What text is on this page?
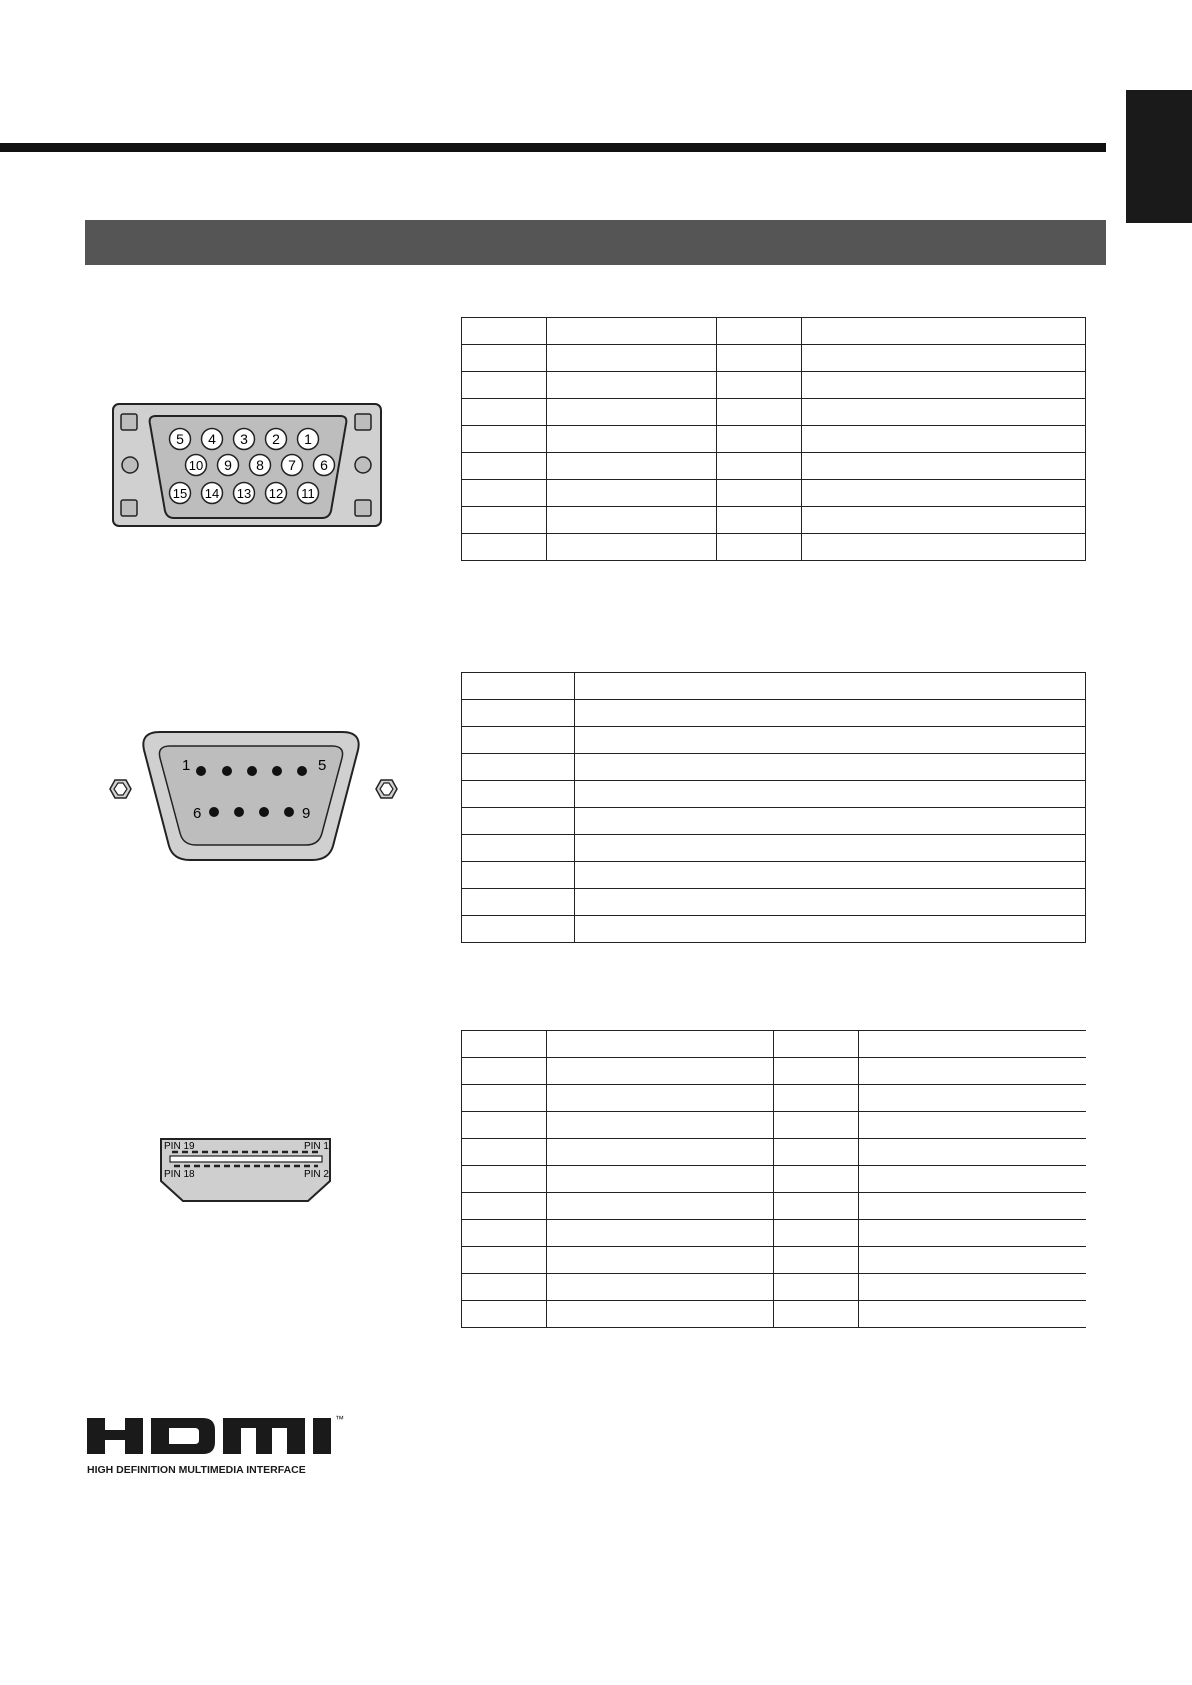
5 4 3 2 1
10 9 8 7 6
15 14 13 12 11

1	5
6	9

PIN 19	PIN 1
PIN 18	PIN 2

™
HIGH DEFINITION MULTIMEDIA INTERFACE
